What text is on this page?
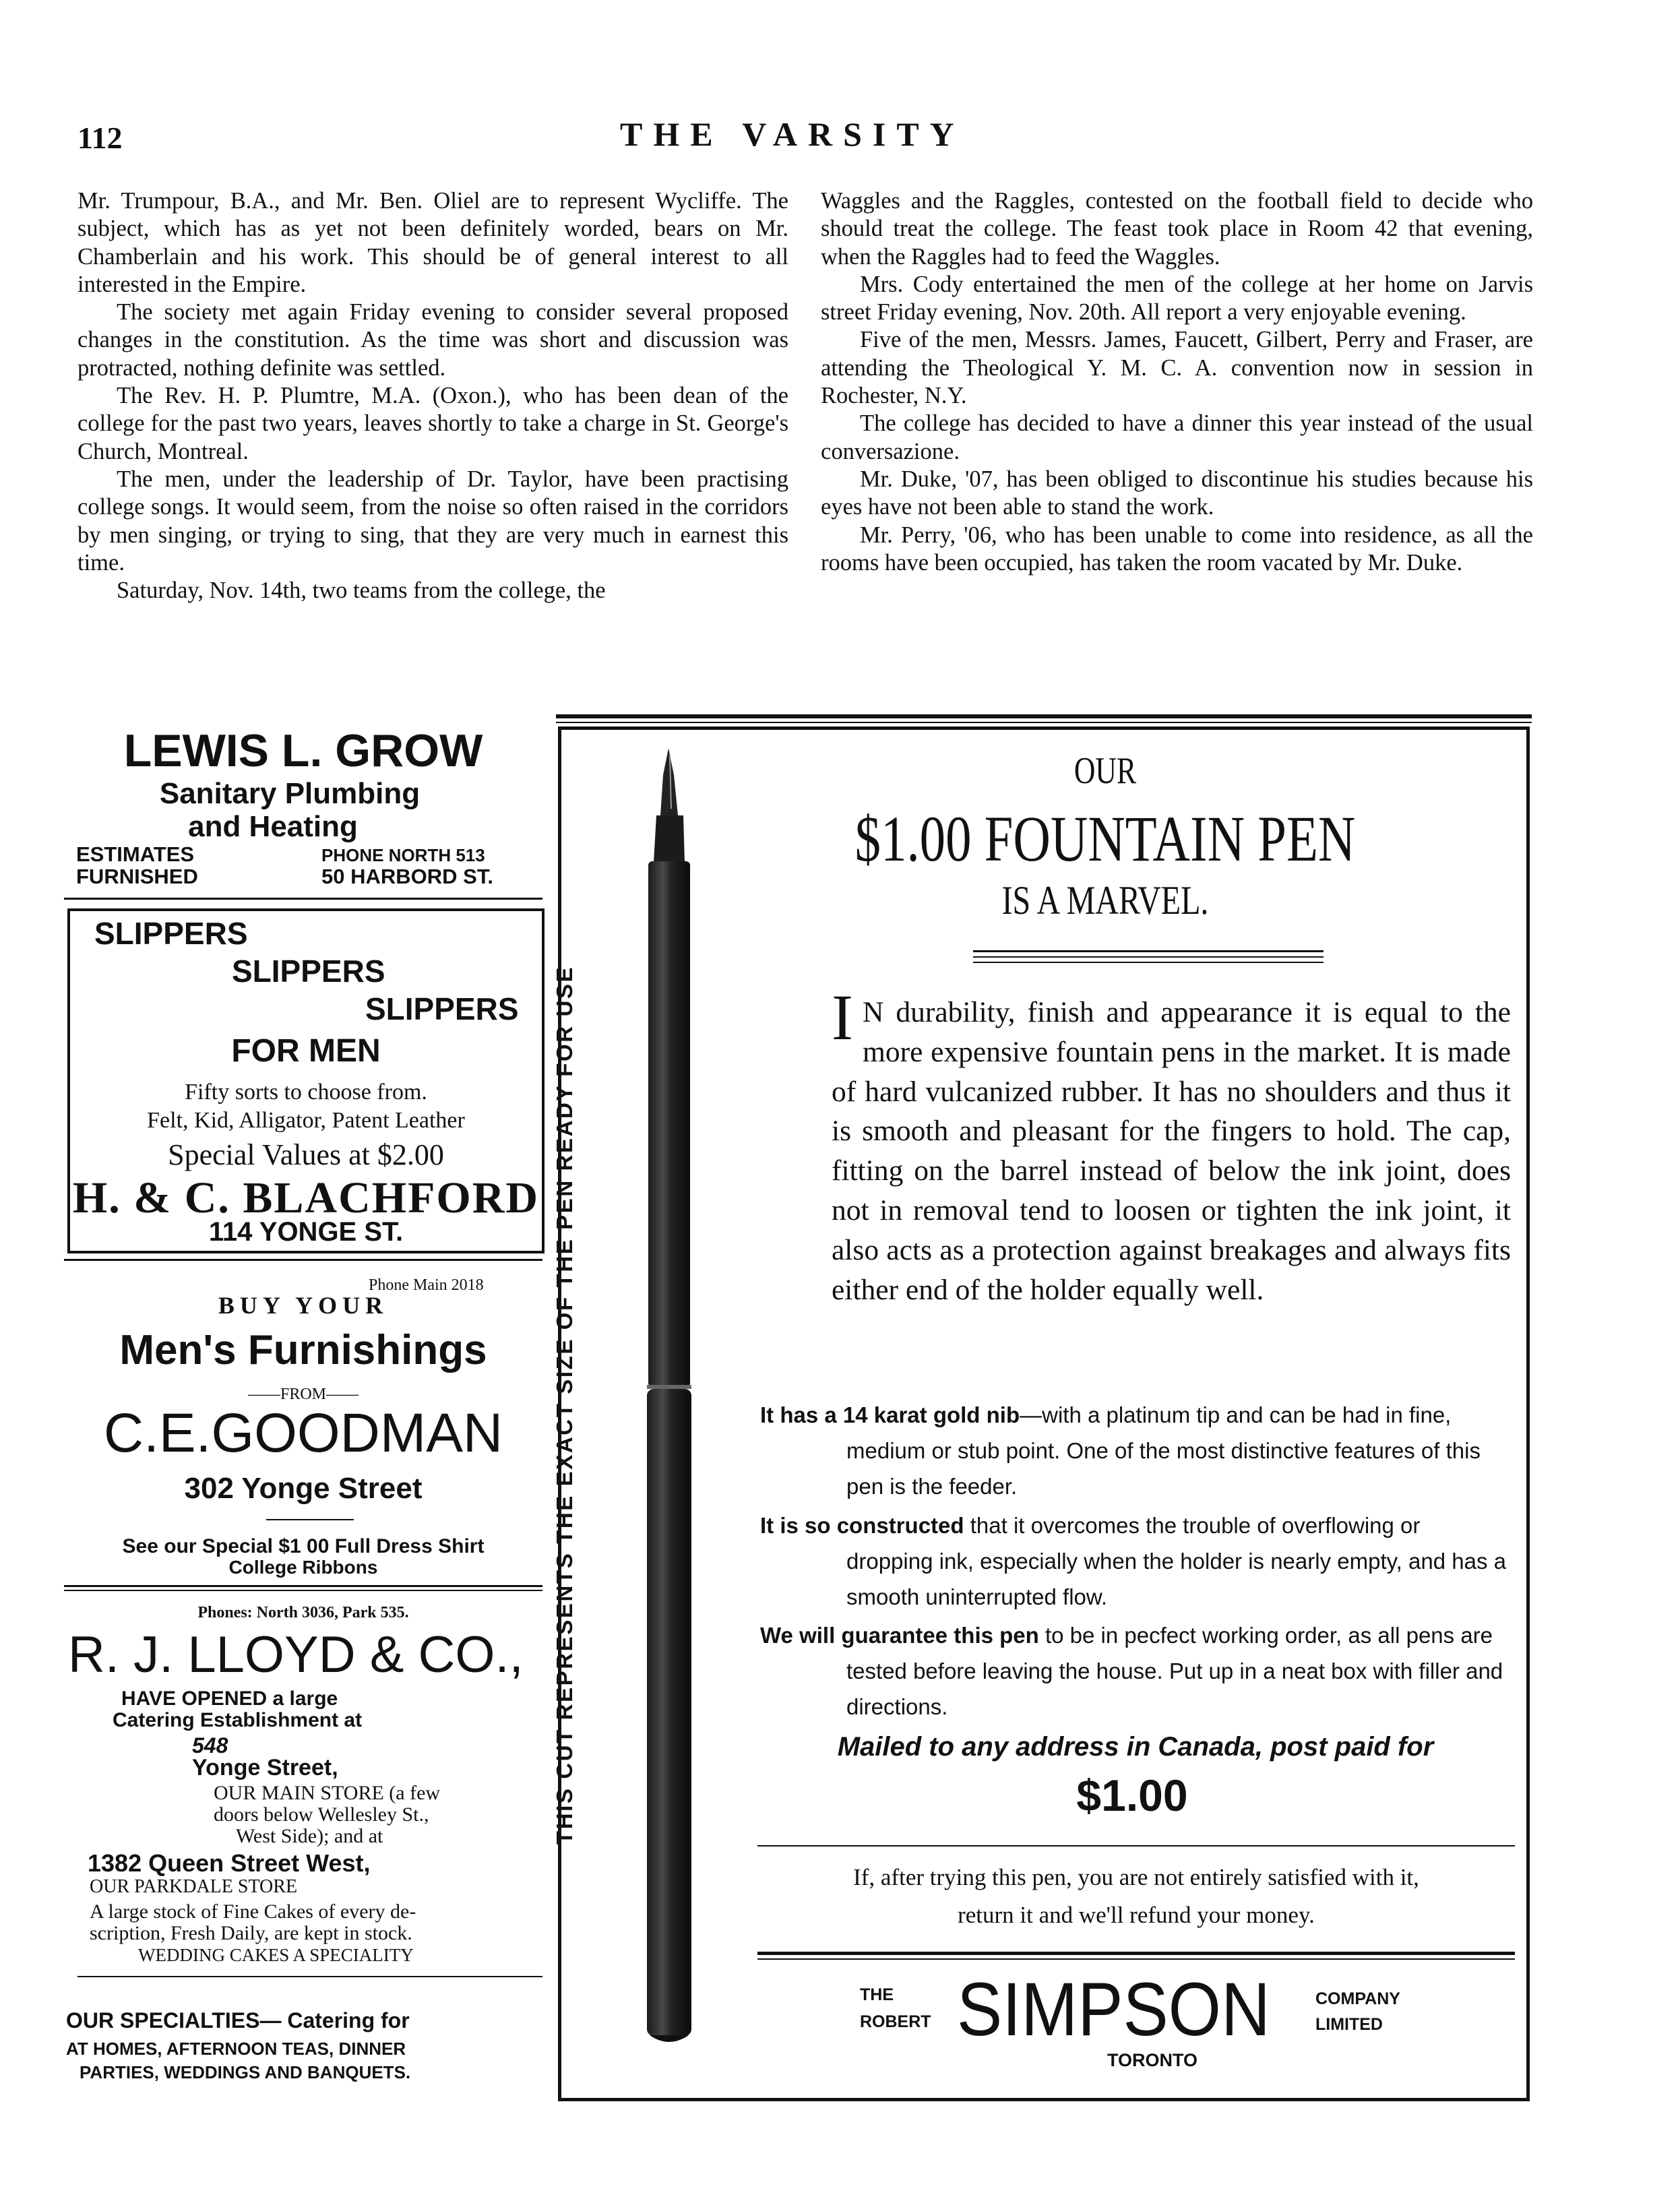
112	THE VARSITY

Mr. Trumpour, B.A., and Mr. Ben. Oliel are to represent Wycliffe. The subject, which has as yet not been definitely worded, bears on Mr. Chamberlain and his work. This should be of general interest to all interested in the Empire.

The society met again Friday evening to consider several proposed changes in the constitution. As the time was short and discussion was protracted, nothing definite was settled.

The Rev. H. P. Plumtre, M.A. (Oxon.), who has been dean of the college for the past two years, leaves shortly to take a charge in St. George's Church, Montreal.

The men, under the leadership of Dr. Taylor, have been practising college songs. It would seem, from the noise so often raised in the corridors by men singing, or trying to sing, that they are very much in earnest this time.

Saturday, Nov. 14th, two teams from the college, the

Waggles and the Raggles, contested on the football field to decide who should treat the college. The feast took place in Room 42 that evening, when the Raggles had to feed the Waggles.

Mrs. Cody entertained the men of the college at her home on Jarvis street Friday evening, Nov. 20th. All report a very enjoyable evening.

Five of the men, Messrs. James, Faucett, Gilbert, Perry and Fraser, are attending the Theological Y. M. C. A. convention now in session in Rochester, N.Y.

The college has decided to have a dinner this year instead of the usual conversazione.

Mr. Duke, '07, has been obliged to discontinue his studies because his eyes have not been able to stand the work.

Mr. Perry, '06, who has been unable to come into residence, as all the rooms have been occupied, has taken the room vacated by Mr. Duke.

LEWIS L. GROW
Sanitary Plumbing
and Heating
ESTIMATES
FURNISHED
PHONE NORTH 513
50 HARBORD ST.
SLIPPERS
SLIPPERS
SLIPPERS
FOR MEN
Fifty sorts to choose from.
Felt, Kid, Alligator, Patent Leather
Special Values at $2.00
H. & C. BLACHFORD
114 YONGE ST.
Phone Main 2018
BUY YOUR
Men's Furnishings
——FROM——
C.E.GOODMAN
302 Yonge Street
See our Special $1 00 Full Dress Shirt
College Ribbons
Phones: North 3036, Park 535.
R. J. LLOYD & CO.,
HAVE OPENED a large
Catering Establishment at
548
Yonge Street,
OUR MAIN STORE (a few
doors below Wellesley St.,
West Side); and at
1382 Queen Street West,
OUR PARKDALE STORE
A large stock of Fine Cakes of every de-
scription, Fresh Daily, are kept in stock.
WEDDING CAKES A SPECIALITY
OUR SPECIALTIES— Catering for
AT HOMES, AFTERNOON TEAS, DINNER
PARTIES, WEDDINGS AND BANQUETS.
THIS CUT REPRESENTS THE EXACT SIZE OF THE PEN READY FOR USE
OUR
$1.00 FOUNTAIN PEN
IS A MARVEL.
I N durability, finish and appearance it is equal to the more expensive fountain pens in the market. It is made of hard vulcanized rubber. It has no shoulders and thus it is smooth and pleasant for the fingers to hold. The cap, fitting on the barrel instead of below the ink joint, does not in removal tend to loosen or tighten the ink joint, it also acts as a protection against breakages and always fits either end of the holder equally well.
It has a 14 karat gold nib—with a platinum tip and can be had in fine, medium or stub point. One of the most distinctive features of this pen is the feeder.
It is so constructed that it overcomes the trouble of overflowing or dropping ink, especially when the holder is nearly empty, and has a smooth uninterrupted flow.
We will guarantee this pen to be in pecfect working order, as all pens are tested before leaving the house. Put up in a neat box with filler and directions.
Mailed to any address in Canada, post paid for
$1.00
If, after trying this pen, you are not entirely satisfied with it,
return it and we'll refund your money.
THE
ROBERT SIMPSON	COMPANY
LIMITED
TORONTO
